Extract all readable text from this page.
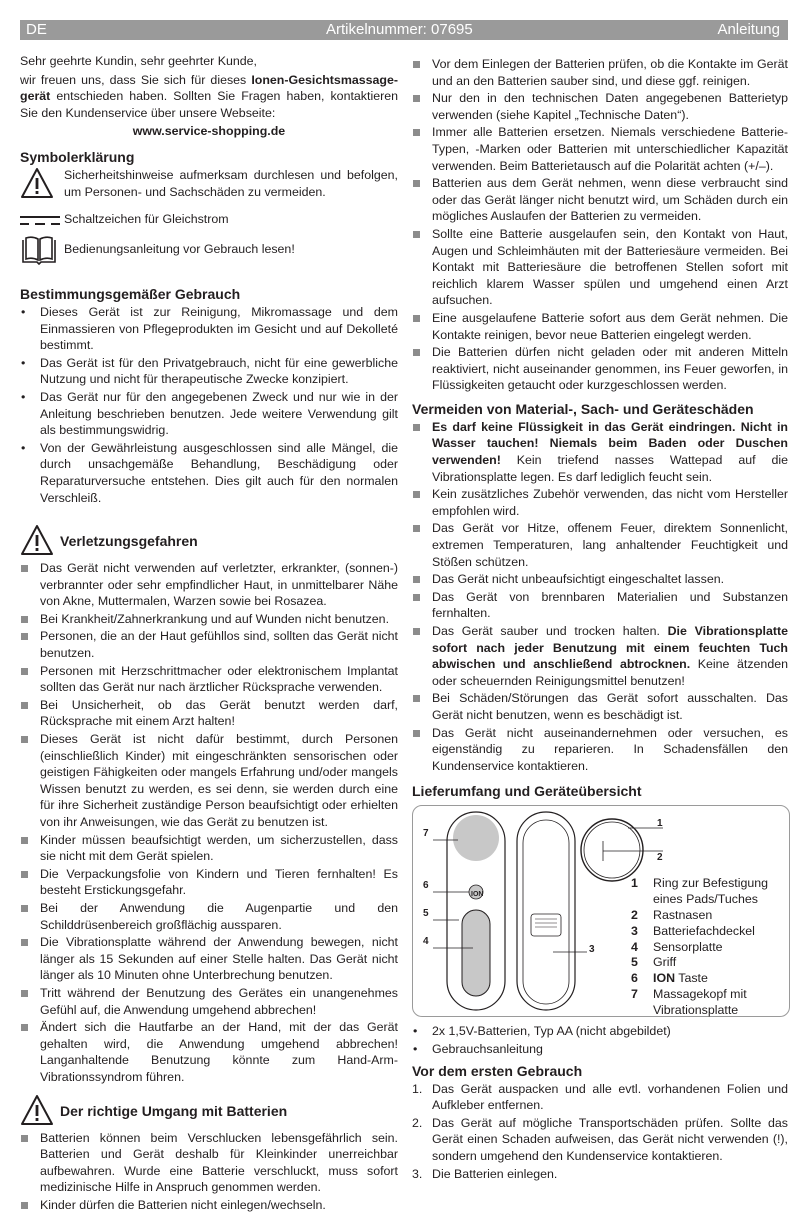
DE	Artikelnummer: 07695	Anleitung

Sehr geehrte Kundin, sehr geehrter Kunde,

wir freuen uns, dass Sie sich für dieses Ionen-Gesichtsmassage-gerät entschieden haben. Sollten Sie Fragen haben, kontaktieren Sie den Kundenservice über unsere Webseite:

www.service-shopping.de

Symbolerklärung

Sicherheitshinweise aufmerksam durchlesen und befolgen, um Personen- und Sachschäden zu vermeiden.

Schaltzeichen für Gleichstrom

Bedienungsanleitung vor Gebrauch lesen!

Bestimmungsgemäßer Gebrauch
• Dieses Gerät ist zur Reinigung, Mikromassage und dem Einmassieren von Pflegeprodukten im Gesicht und auf Dekolleté bestimmt.
• Das Gerät ist für den Privatgebrauch, nicht für eine gewerbliche Nutzung und nicht für therapeutische Zwecke konzipiert.
• Das Gerät nur für den angegebenen Zweck und nur wie in der Anleitung beschrieben benutzen. Jede weitere Verwendung gilt als bestimmungswidrig.
• Von der Gewährleistung ausgeschlossen sind alle Mängel, die durch unsachgemäße Behandlung, Beschädigung oder Reparaturversuche entstehen. Dies gilt auch für den normalen Verschleiß.
Verletzungsgefahren
Das Gerät nicht verwenden auf verletzter, erkrankter, (sonnen-) verbrannter oder sehr empfindlicher Haut, in unmittelbarer Nähe von Akne, Muttermalen, Warzen sowie bei Rosazea.
Bei Krankheit/Zahnerkrankung und auf Wunden nicht benutzen.
Personen, die an der Haut gefühllos sind, sollten das Gerät nicht benutzen.
Personen mit Herzschrittmacher oder elektronischem Implantat sollten das Gerät nur nach ärztlicher Rücksprache verwenden.
Bei Unsicherheit, ob das Gerät benutzt werden darf, Rücksprache mit einem Arzt halten!
Dieses Gerät ist nicht dafür bestimmt, durch Personen (einschließlich Kinder) mit eingeschränkten sensorischen oder geistigen Fähigkeiten oder mangels Erfahrung und/oder mangels Wissen benutzt zu werden, es sei denn, sie werden durch eine für ihre Sicherheit zuständige Person beaufsichtigt oder erhielten von ihr Anweisungen, wie das Gerät zu benutzen ist.
Kinder müssen beaufsichtigt werden, um sicherzustellen, dass sie nicht mit dem Gerät spielen.
Die Verpackungsfolie von Kindern und Tieren fernhalten! Es besteht Erstickungsgefahr.
Bei der Anwendung die Augenpartie und den Schilddrüsenbereich großflächig aussparen.
Die Vibrationsplatte während der Anwendung bewegen, nicht länger als 15 Sekunden auf einer Stelle halten. Das Gerät nicht länger als 10 Minuten ohne Unterbrechung benutzen.
Tritt während der Benutzung des Gerätes ein unangenehmes Gefühl auf, die Anwendung umgehend abbrechen!
Ändert sich die Hautfarbe an der Hand, mit der das Gerät gehalten wird, die Anwendung umgehend abbrechen! Langanhaltende Benutzung könnte zum Hand-Arm-Vibrationssyndrom führen.
Der richtige Umgang mit Batterien
Batterien können beim Verschlucken lebensgefährlich sein. Batterien und Gerät deshalb für Kleinkinder unerreichbar aufbewahren. Wurde eine Batterie verschluckt, muss sofort medizinische Hilfe in Anspruch genommen werden.
Kinder dürfen die Batterien nicht einlegen/wechseln.
Vor dem Einlegen der Batterien prüfen, ob die Kontakte im Gerät und an den Batterien sauber sind, und diese ggf. reinigen.
Nur den in den technischen Daten angegebenen Batterietyp verwenden (siehe Kapitel „Technische Daten“).
Immer alle Batterien ersetzen. Niemals verschiedene Batterie-Typen, -Marken oder Batterien mit unterschiedlicher Kapazität verwenden. Beim Batterietausch auf die Polarität achten (+/–).
Batterien aus dem Gerät nehmen, wenn diese verbraucht sind oder das Gerät länger nicht benutzt wird, um Schäden durch ein mögliches Auslaufen der Batterien zu vermeiden.
Sollte eine Batterie ausgelaufen sein, den Kontakt von Haut, Augen und Schleimhäuten mit der Batteriesäure vermeiden. Bei Kontakt mit Batteriesäure die betroffenen Stellen sofort mit reichlich klarem Wasser spülen und umgehend einen Arzt aufsuchen.
Eine ausgelaufene Batterie sofort aus dem Gerät nehmen. Die Kontakte reinigen, bevor neue Batterien eingelegt werden.
Die Batterien dürfen nicht geladen oder mit anderen Mitteln reaktiviert, nicht auseinander genommen, ins Feuer geworfen, in Flüssigkeiten getaucht oder kurzgeschlossen werden.
Vermeiden von Material-, Sach- und Geräteschäden
Es darf keine Flüssigkeit in das Gerät eindringen. Nicht in Wasser tauchen! Niemals beim Baden oder Duschen verwenden! Kein triefend nasses Wattepad auf die Vibrationsplatte legen. Es darf lediglich feucht sein.
Kein zusätzliches Zubehör verwenden, das nicht vom Hersteller empfohlen wird.
Das Gerät vor Hitze, offenem Feuer, direktem Sonnenlicht, extremen Temperaturen, lang anhaltender Feuchtigkeit und Stößen schützen.
Das Gerät nicht unbeaufsichtigt eingeschaltet lassen.
Das Gerät von brennbaren Materialien und Substanzen fernhalten.
Das Gerät sauber und trocken halten. Die Vibrationsplatte sofort nach jeder Benutzung mit einem feuchten Tuch abwischen und anschließend abtrocknen. Keine ätzenden oder scheuernden Reinigungsmittel benutzen!
Bei Schäden/Störungen das Gerät sofort ausschalten. Das Gerät nicht benutzen, wenn es beschädigt ist.
Das Gerät nicht auseinandernehmen oder versuchen, es eigenständig zu reparieren. In Schadensfällen den Kundenservice kontaktieren.
Lieferumfang und Geräteübersicht
ION
7
6
5
4
3
1
2
1 Ring zur Befestigung eines Pads/Tuches
2 Rastnasen
3 Batteriefachdeckel
4 Sensorplatte
5 Griff
6 ION Taste
7 Massagekopf mit Vibrationsplatte
• 2x 1,5V-Batterien, Typ AA (nicht abgebildet)
• Gebrauchsanleitung
Vor dem ersten Gebrauch
1. Das Gerät auspacken und alle evtl. vorhandenen Folien und Aufkleber entfernen.
2. Das Gerät auf mögliche Transportschäden prüfen. Sollte das Gerät einen Schaden aufweisen, das Gerät nicht verwenden (!), sondern umgehend den Kundenservice kontaktieren.
3. Die Batterien einlegen.
